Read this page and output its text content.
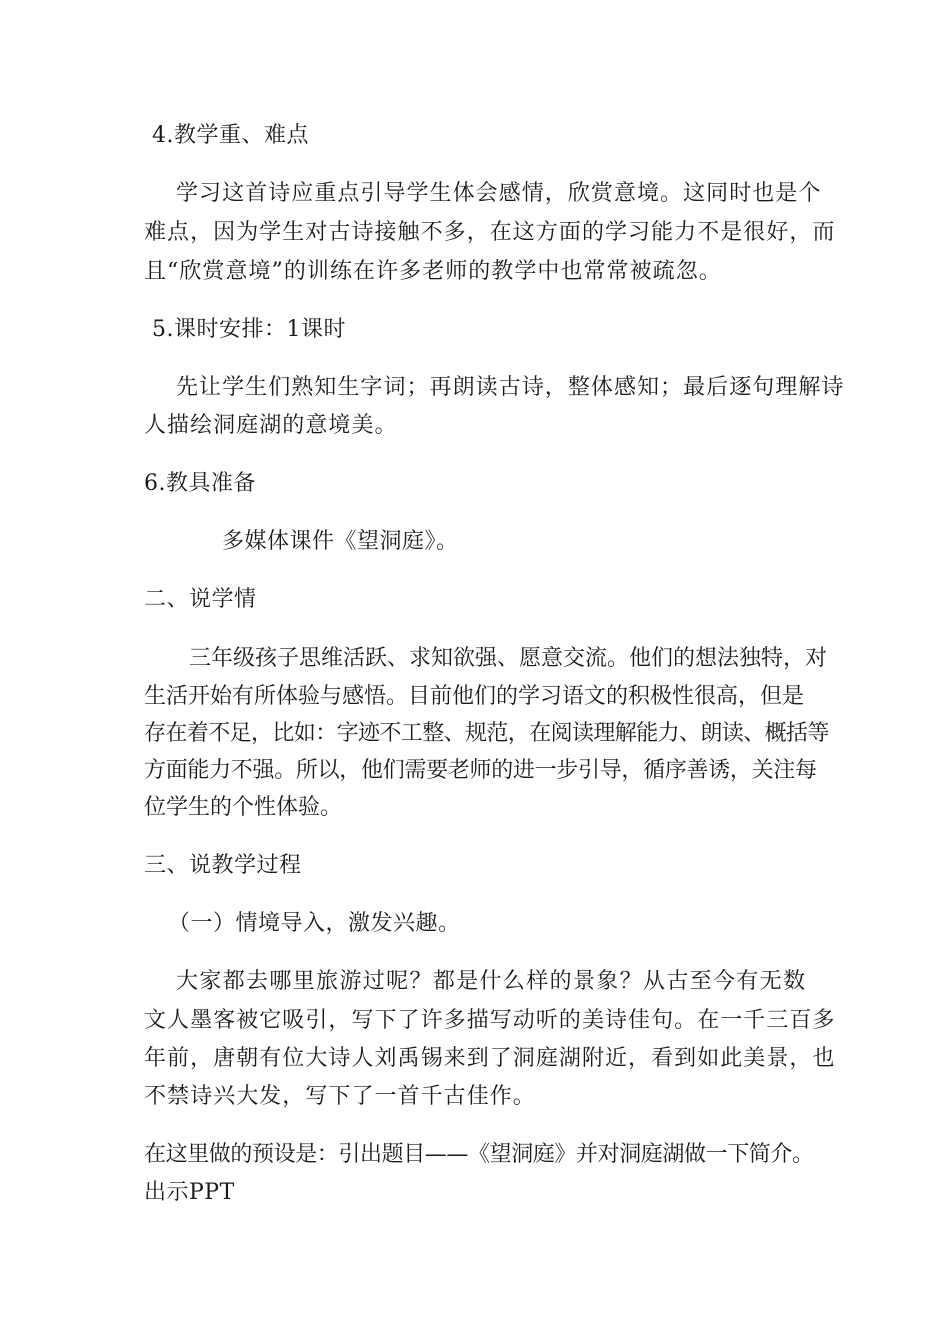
4.教学重、难点
学习这首诗应重点引导学生体会感情，欣赏意境。这同时也是个
难点，因为学生对古诗接触不多，在这方面的学习能力不是很好，而
且“欣赏意境”的训练在许多老师的教学中也常常被疏忽。
5.课时安排：1课时
先让学生们熟知生字词；再朗读古诗，整体感知；最后逐句理解诗
人描绘洞庭湖的意境美。
6.教具准备
多媒体课件《望洞庭》。
二、说学情
三年级孩子思维活跃、求知欲强、愿意交流。他们的想法独特，对
生活开始有所体验与感悟。目前他们的学习语文的积极性很高，但是
存在着不足，比如：字迹不工整、规范，在阅读理解能力、朗读、概括等
方面能力不强。所以，他们需要老师的进一步引导，循序善诱，关注每
位学生的个性体验。
三、说教学过程
（一）情境导入，激发兴趣。
大家都去哪里旅游过呢？都是什么样的景象？从古至今有无数
文人墨客被它吸引，写下了许多描写动听的美诗佳句。在一千三百多
年前，唐朝有位大诗人刘禹锡来到了洞庭湖附近，看到如此美景，也
不禁诗兴大发，写下了一首千古佳作。
在这里做的预设是：引出题目——《望洞庭》并对洞庭湖做一下简介。
出示PPT
